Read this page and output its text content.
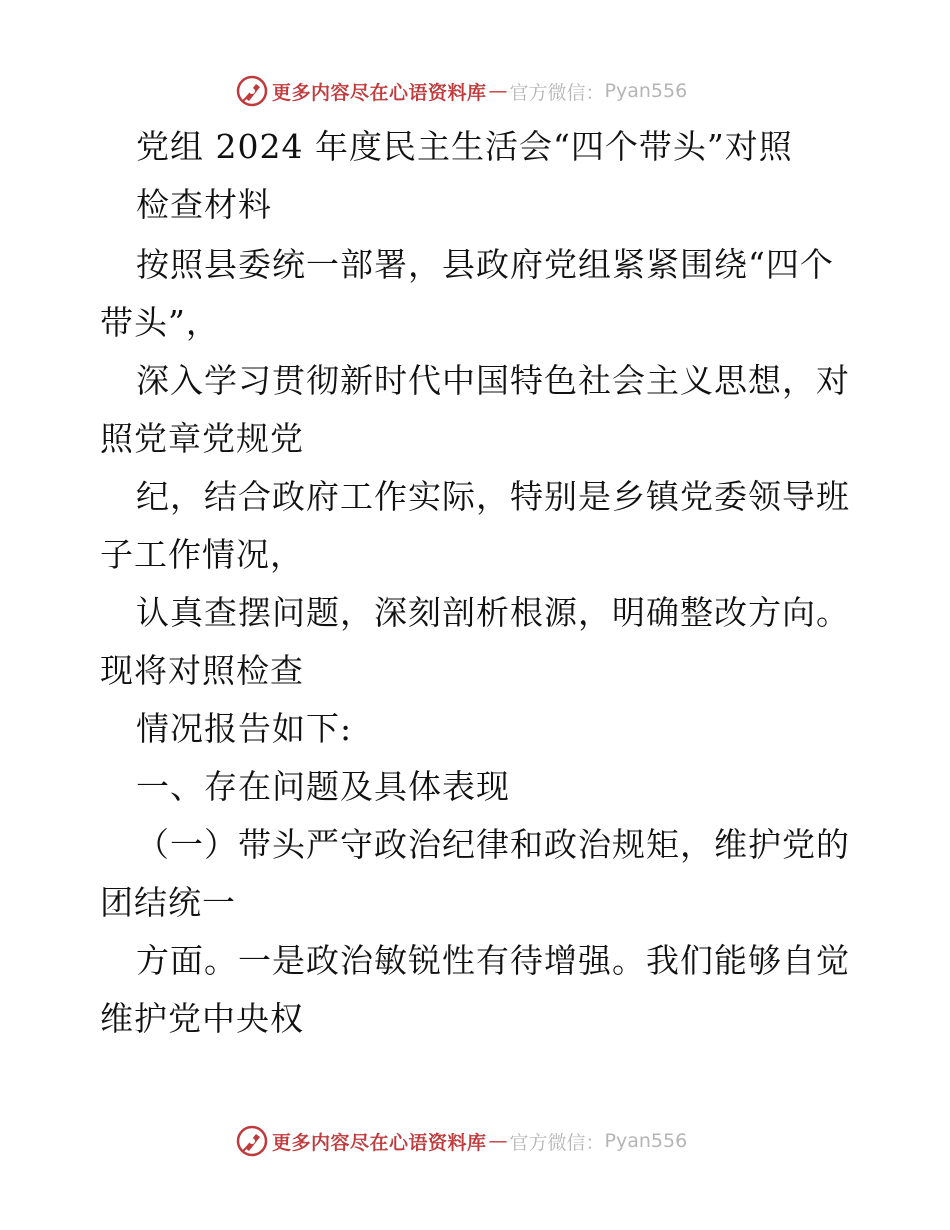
更多内容尽在心语资料库 — 官方微信： Pyan556
党组 2024 年度民主生活会“四个带头”对照
检查材料
按照县委统一部署，县政府党组紧紧围绕“四个
带头”，
深入学习贯彻新时代中国特色社会主义思想，对
照党章党规党
纪，结合政府工作实际，特别是乡镇党委领导班
子工作情况，
认真查摆问题，深刻剖析根源，明确整改方向。
现将对照检查
情况报告如下:
一、存在问题及具体表现
（一）带头严守政治纪律和政治规矩，维护党的
团结统一
方面。一是政治敏锐性有待增强。我们能够自觉
维护党中央权
更多内容尽在心语资料库 — 官方微信： Pyan556
